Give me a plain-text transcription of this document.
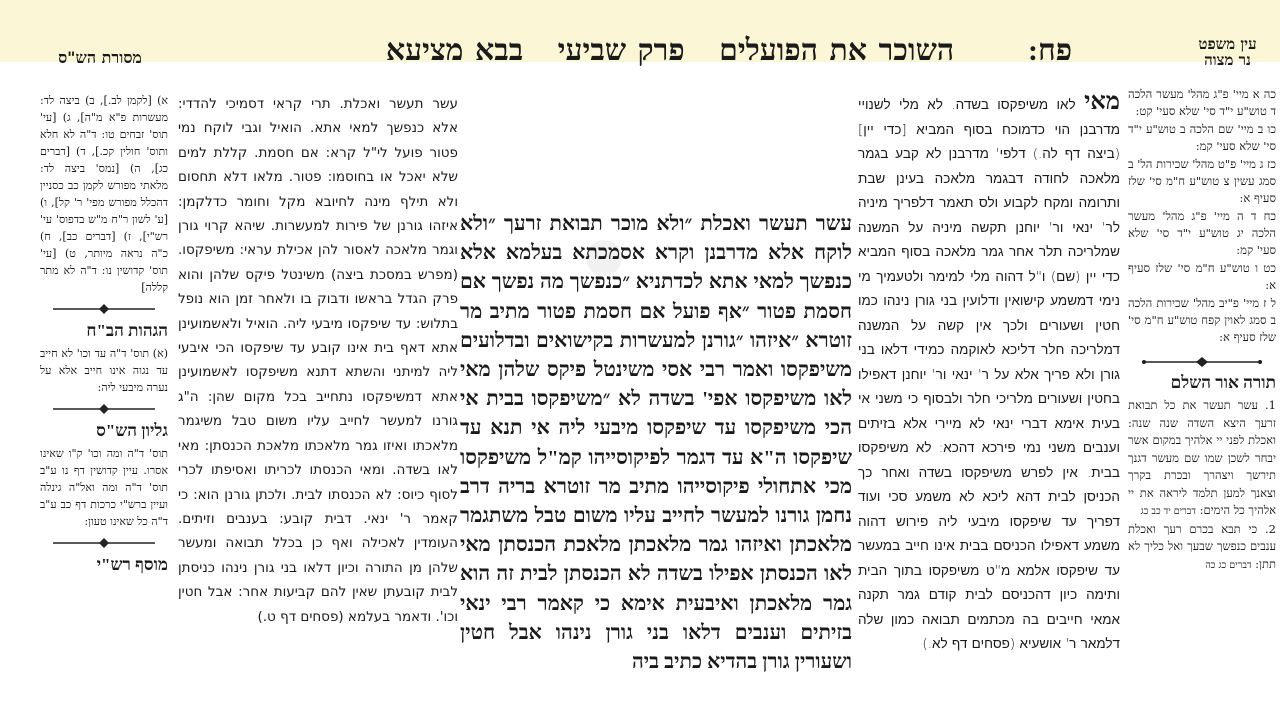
עין משפט
נר מצוה
פח:
השוכר את הפועלים   פרק שביעי   בבא מציעא
מסורת הש"ס

כה א מיי' פ"ג מהל' מעשר הלכה ד טוש"ע י"ד סי' שלא סעי' קט:

כו ב מיי' שם הלכה ב טוש"ע י"ד סי' שלא סעי' קמ:

כז ג מיי' פ"ט מהל' שכירות הל' ב סמג עשין צ טוש"ע ח"מ סי' שלז סעיף א:

כח ד ה מיי' פ"ג מהל' מעשר הלכה יג טוש"ע י"ד סי' שלא סעי' קמ:

כט ו טוש"ע ח"מ סי' שלז סעיף א:

ל ז מיי' פ"יב מהל' שכירות הלכה ב סמג לאוין קפח טוש"ע ח"מ סי' שלז סעיף א:

תורה אור השלם

1. עשר תעשר את כל תבואת זרעך היצא השדה שנה שנה: ואכלת לפני יי אלהיך במקום אשר יבחר לשכן שמו שם מעשר דגנך תירשך ויצהרך ובכרת בקרך וצאנך למען תלמד ליראה את יי אלהיך כל הימים: דברים יד כב כג

2. כי תבא בכרם רעך ואכלת ענבים כנפשך שבעך ואל כליך לא תתן: דברים כג כה

מאי לאו משיפקסו בשדה. לא מלי לשנויי מדרבנן הוי כדמוכח בסוף המביא [כדי יין] (ביצה דף לה.) דלפי' מדרבנן לא קבע בגמר מלאכה לחודה דבגמר מלאכה בעינן שבת ותרומה ומקח לקבוע ולס תאמר דלפריך מיניה לר' ינאי ור' יוחנן תקשה מיניה על המשנה שמלריכה תלר אחר גמר מלאכה בסוף המביא כדי יין (שם) ו"ל דהוה מלי למימר ולטעמיך מי נימי דמשמע קישואין ודלועין בני גורן נינהו כמו חטין ושעורים ולכך אין קשה על המשנה דמלריכה חלר דליכא לאוקמה כמידי דלאו בני גורן ולא פריך אלא על ר' ינאי ור' יוחנן דאפילו בחטין ושעורים מלריכי חלר ולבסוף כי משני אי בעית אימא דברי ינאי לא מיירי אלא בזיתים וענבים משני נמי פירכא דהכא: לא משיפקסו בבית. אין לפרש משיפקסו בשדה ואחר כך הכניסן לבית דהא ליכא לא משמע סכי ועוד דפריך עד שיפקסו מיבעי ליה פירוש דהוה משמע דאפילו הכניסם בבית אינו חייב במעשר עד שיפקסו אלמא מ"ט משיפקסו בתוך הבית ותימה כיון דהכניסם לבית קודם גמר תקנה אמאי חייבים בה מכתמים תבואה כמון שלה דלמאר ר' אושעיא (פסחים דף לא.)

עשר תעשר ואכלת ״ולא מוכר תבואת זרעך ״ולא לוקח אלא מדרבנן וקרא אסמכתא בעלמא אלא כנפשך למאי אתא לכדתניא ״כנפשך מה נפשך אם חסמת פטור ״אף פועל אם חסמת פטור מתיב מר זוטרא ״איזהו ״גורנן למעשרות בקישואים ובדלועים משיפקסו ואמר רבי אסי משינטל פיקס שלהן מאי לאו משיפקסו אפי' בשדה לא ״משיפקסו בבית אי הכי משיפקסו עד שיפקסו מיבעי ליה אי תנא עד שיפקסו ה"א עד דגמר לפיקוסייהו קמ"ל משיפקסו מכי אתחולי פיקוסייהו מתיב מר זוטרא בריה דרב נחמן גורנו למעשר לחייב עליו משום טבל משתגמר מלאכתן ואיזהו גמר מלאכתן מלאכת הכנסתן מאי לאו הכנסתן אפילו בשדה לא הכנסתן לבית זה הוא גמר מלאכתן ואיבעית אימא כי קאמר רבי ינאי בזיתים וענבים דלאו בני גורן נינהו אבל חטין ושעורין גורן בהדיא כתיב ביה

עשר תעשר ואכלת. תרי קראי דסמיכי להדדי: אלא כנפשך למאי אתא. הואיל וגבי לוקח נמי פטור פועל לי"ל קרא: אם חסמת. קללת למים שלא יאכל או בחוסמו: פטור. מלאו דלא תחסום ולא תילף מינה לחיובא מקל וחומר כדלקמן: איזהו גורנן של פירות למעשרות. שיהא קרוי גורן וגמר מלאכה לאסור להן אכילת עראי: משיפקסו. (מפרש במסכת ביצה) משינטל פיקס שלהן והוא פרק הגדל בראשו ודבוק בו ולאחר זמן הוא נופל בתלוש: עד שיפקסו מיבעי ליה. הואיל ולאשמועינן אתא דאף בית אינו קובע עד שיפקסו הכי איבעי ליה למיתני והשתא דתנא משיפקסו לאשמועינן אתא דמשיפקסו נתחייב בכל מקום שהן: ה"ג גורנו למעשר לחייב עליו משום טבל משיגמר מלאכתו ואיזו גמר מלאכתו מלאכת הכנסתן: מאי לאו בשדה. ומאי הכנסתו לכריתו ואסיפתו לכרי לסוף כיוס: לא הכנסתו לבית. ולכתן גורנן הוא: כי קאמר ר' ינאי. דבית קובע: בענבים וזיתים. העומדין לאכילה ואף כן בכלל תבואה ומעשר שלהן מן התורה וכיון דלאו בני גורן נינהו כניסתן לבית קובעתן שאין להם קביעות אחר: אבל חטין וכו'. ודאמר בעלמא (פסחים דף ט.)

א) [לקמן לב.], ב) ביצה לד: מעשרות פ"א מ"ה], ג) [עי' תוס' זבחים טו: ד"ה לא חלא ותוס' חולין קכ.], ד) [דברים כג], ה) [נמס' ביצה לד: מלאתי מפורש לקמן כב כסניין דהכלל מפורש מפי' ר' קל], ו) [ע' לשון ר"ח מ"ש בדפוס' עי' רש"י], ז) [דברים כב], ח) כ"ה נראה מיותר, ט) [עי' תוס' קדושין נו: ד"ה לא מתר קללה]

הגהות הב"ח

(א) תוס' ד"ה עד וכו' לא חייב עד נגוה אינו חייב אלא על נערה מיבעי ליה:

גליון הש"ס

תוס' ד"ה ומה וכו' ק"ו שאינו אסרו. עיין קדושין דף נו ע"ב תוס' ד"ה ומה ואל"ה גינלה ועיין ברש"י כרכות דף כב ע"ב ד"ה כל שאינו טעון:

מוסף רש"י
